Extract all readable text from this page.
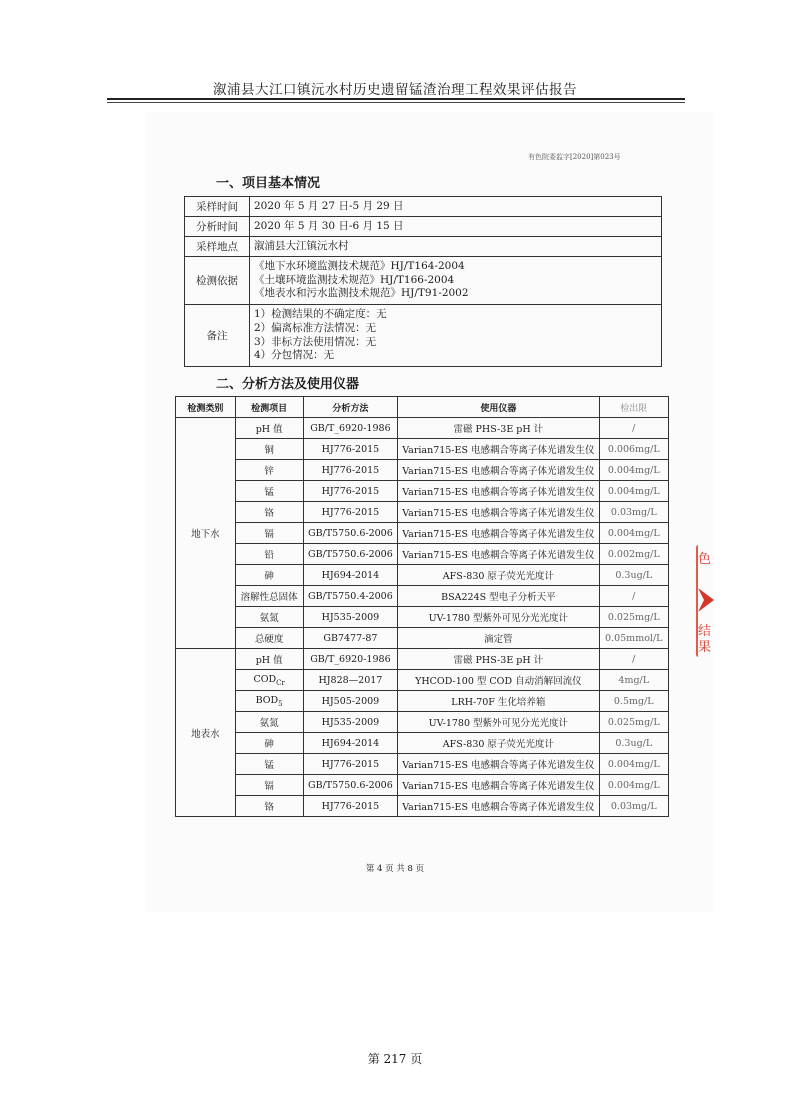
溆浦县大江口镇沅水村历史遗留锰渣治理工程效果评估报告
有色院委监字[2020]第023号
一、项目基本情况
采样时间	2020 年 5 月 27 日-5 月 29 日
分析时间	2020 年 5 月 30 日-6 月 15 日
采样地点	溆浦县大江镇沅水村
检测依据	《地下水环境监测技术规范》HJ/T164-2004
《土壤环境监测技术规范》HJ/T166-2004
《地表水和污水监测技术规范》HJ/T91-2002

备注	1）检测结果的不确定度：无
2）偏离标准方法情况：无
3）非标方法使用情况：无
4）分包情况：无
二、分析方法及使用仪器
检测类别	检测项目	分析方法	使用仪器	检出限
地下水	pH 值	GB/T_6920-1986	雷磁 PHS-3E pH 计	/
	铜	HJ776-2015	Varian715-ES 电感耦合等离子体光谱发生仪	0.006mg/L
	锌	HJ776-2015	Varian715-ES 电感耦合等离子体光谱发生仪	0.004mg/L
	锰	HJ776-2015	Varian715-ES 电感耦合等离子体光谱发生仪	0.004mg/L
	铬	HJ776-2015	Varian715-ES 电感耦合等离子体光谱发生仪	0.03mg/L
	镉	GB/T5750.6-2006	Varian715-ES 电感耦合等离子体光谱发生仪	0.004mg/L
	铅	GB/T5750.6-2006	Varian715-ES 电感耦合等离子体光谱发生仪	0.002mg/L
	砷	HJ694-2014	AFS-830 原子荧光光度计	0.3ug/L
	溶解性总固体	GB/T5750.4-2006	BSA224S 型电子分析天平	/
	氨氮	HJ535-2009	UV-1780 型紫外可见分光光度计	0.025mg/L
	总硬度	GB7477-87	滴定管	0.05mmol/L
地表水	pH 值	GB/T_6920-1986	雷磁 PHS-3E pH 计	/
	$COD_{Cr}$	HJ828—2017	YHCOD-100 型 COD 自动消解回流仪	4mg/L
	$BOD_5$	HJ505-2009	LRH-70F 生化培养箱	0.5mg/L
	氨氮	HJ535-2009	UV-1780 型紫外可见分光光度计	0.025mg/L
	砷	HJ694-2014	AFS-830 原子荧光光度计	0.3ug/L
	锰	HJ776-2015	Varian715-ES 电感耦合等离子体光谱发生仪	0.004mg/L
	镉	GB/T5750.6-2006	Varian715-ES 电感耦合等离子体光谱发生仪	0.004mg/L
	铬	HJ776-2015	Varian715-ES 电感耦合等离子体光谱发生仪	0.03mg/L
第 4 页 共 8 页
第 217 页
色
结果
